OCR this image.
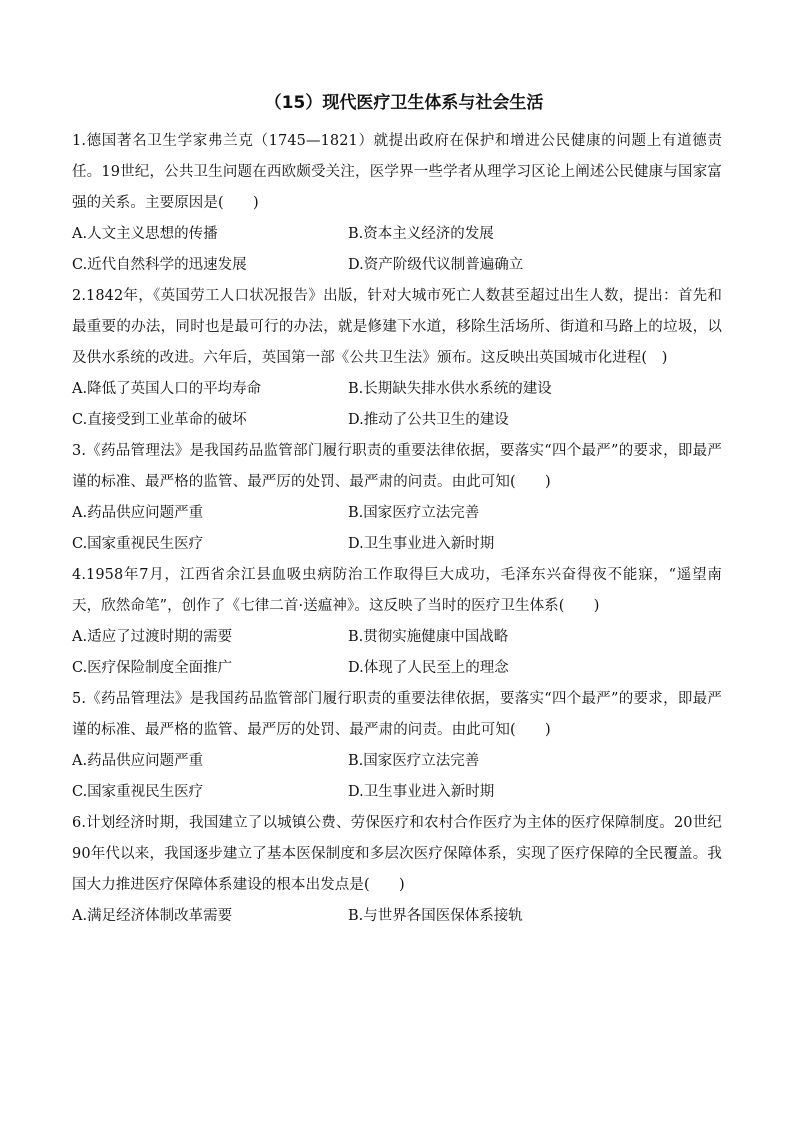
（15）现代医疗卫生体系与社会生活

1.德国著名卫生学家弗兰克（1745—1821）就提出政府在保护和增进公民健康的问题上有道德责任。19世纪，公共卫生问题在西欧颇受关注，医学界一些学者从理学习区论上阐述公民健康与国家富强的关系。主要原因是(　　)

A.人文主义思想的传播	B.资本主义经济的发展
C.近代自然科学的迅速发展	D.资产阶级代议制普遍确立

2.1842年，《英国劳工人口状况报告》出版，针对大城市死亡人数甚至超过出生人数，提出：首先和最重要的办法，同时也是最可行的办法，就是修建下水道，移除生活场所、街道和马路上的垃圾，以及供水系统的改进。六年后，英国第一部《公共卫生法》颁布。这反映出英国城市化进程(　)

A.降低了英国人口的平均寿命	B.长期缺失排水供水系统的建设
C.直接受到工业革命的破坏	D.推动了公共卫生的建设

3.《药品管理法》是我国药品监管部门履行职责的重要法律依据，要落实“四个最严”的要求，即最严谨的标准、最严格的监管、最严厉的处罚、最严肃的问责。由此可知(　　)

A.药品供应问题严重	B.国家医疗立法完善
C.国家重视民生医疗	D.卫生事业进入新时期

4.1958年7月，江西省余江县血吸虫病防治工作取得巨大成功，毛泽东兴奋得夜不能寐，“遥望南天，欣然命笔”，创作了《七律二首·送瘟神》。这反映了当时的医疗卫生体系(　　)

A.适应了过渡时期的需要	B.贯彻实施健康中国战略
C.医疗保险制度全面推广	D.体现了人民至上的理念

5.《药品管理法》是我国药品监管部门履行职责的重要法律依据，要落实“四个最严”的要求，即最严谨的标准、最严格的监管、最严厉的处罚、最严肃的问责。由此可知(　　)

A.药品供应问题严重	B.国家医疗立法完善
C.国家重视民生医疗	D.卫生事业进入新时期

6.计划经济时期，我国建立了以城镇公费、劳保医疗和农村合作医疗为主体的医疗保障制度。20世纪90年代以来，我国逐步建立了基本医保制度和多层次医疗保障体系，实现了医疗保障的全民覆盖。我国大力推进医疗保障体系建设的根本出发点是(　　)

A.满足经济体制改革需要	B.与世界各国医保体系接轨
